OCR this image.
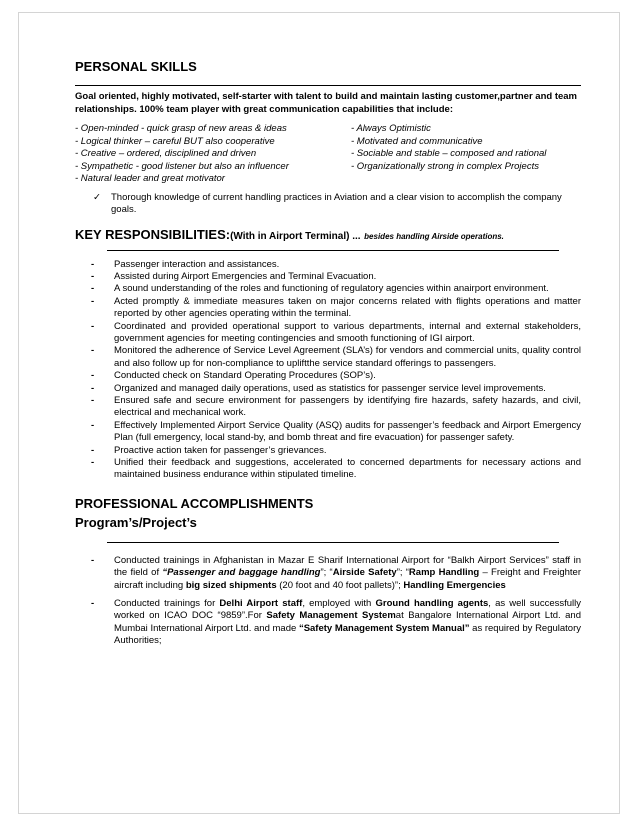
PERSONAL SKILLS

Goal oriented, highly motivated, self-starter with talent to build and maintain lasting customer,partner and team relationships. 100% team player with great communication capabilities that include:

- Open-minded - quick grasp of new areas & ideas
- Logical thinker – careful BUT also cooperative
- Creative – ordered, disciplined and driven
- Sympathetic - good listener but also an influencer
- Natural leader and great motivator
- Always Optimistic
- Motivated and communicative
- Sociable and stable – composed and rational
- Organizationally strong in complex Projects
✓	Thorough knowledge of current handling practices in Aviation and a clear vision to accomplish the company goals.

KEY RESPONSIBILITIES:(With in Airport Terminal) ... besides handling Airside operations.

-	Passenger interaction and assistances.
-	Assisted during Airport Emergencies and Terminal Evacuation.
-	A sound understanding of the roles and functioning of regulatory agencies within anairport environment.
-	Acted promptly & immediate measures taken on major concerns related with flights operations and matter reported by other agencies operating within the terminal.
-	Coordinated and provided operational support to various departments, internal and external stakeholders, government agencies for meeting contingencies and smooth functioning of IGI airport.
-	Monitored the adherence of Service Level Agreement (SLA’s) for vendors and commercial units, quality control and also follow up for non-compliance to upliftthe service standard offerings to passengers.
-	Conducted check on Standard Operating Procedures (SOP’s).
-	Organized and managed daily operations, used as statistics for passenger service level improvements.
-	Ensured safe and secure environment for passengers by identifying fire hazards, safety hazards, and civil, electrical and mechanical work.
-	Effectively Implemented Airport Service Quality (ASQ) audits for passenger’s feedback and Airport Emergency Plan (full emergency, local stand-by, and bomb threat and fire evacuation) for passenger safety.
-	Proactive action taken for passenger’s grievances.
-	Unified their feedback and suggestions, accelerated to concerned departments for necessary actions and maintained business endurance within stipulated timeline.
PROFESSIONAL ACCOMPLISHMENTS
Program’s/Project’s
-	Conducted trainings in Afghanistan in Mazar E Sharif International Airport for “Balkh Airport Services” staff in the field of “Passenger and baggage handling”; “Airside Safety”; “Ramp Handling – Freight and Freighter aircraft including big sized shipments (20 foot and 40 foot pallets)”; Handling Emergencies
-	Conducted trainings for Delhi Airport staff, employed with Ground handling agents, as well successfully worked on ICAO DOC “9859”.For Safety Management Systemat Bangalore International Airport Ltd. and Mumbai International Airport Ltd. and made “Safety Management System Manual” as required by Regulatory Authorities;
